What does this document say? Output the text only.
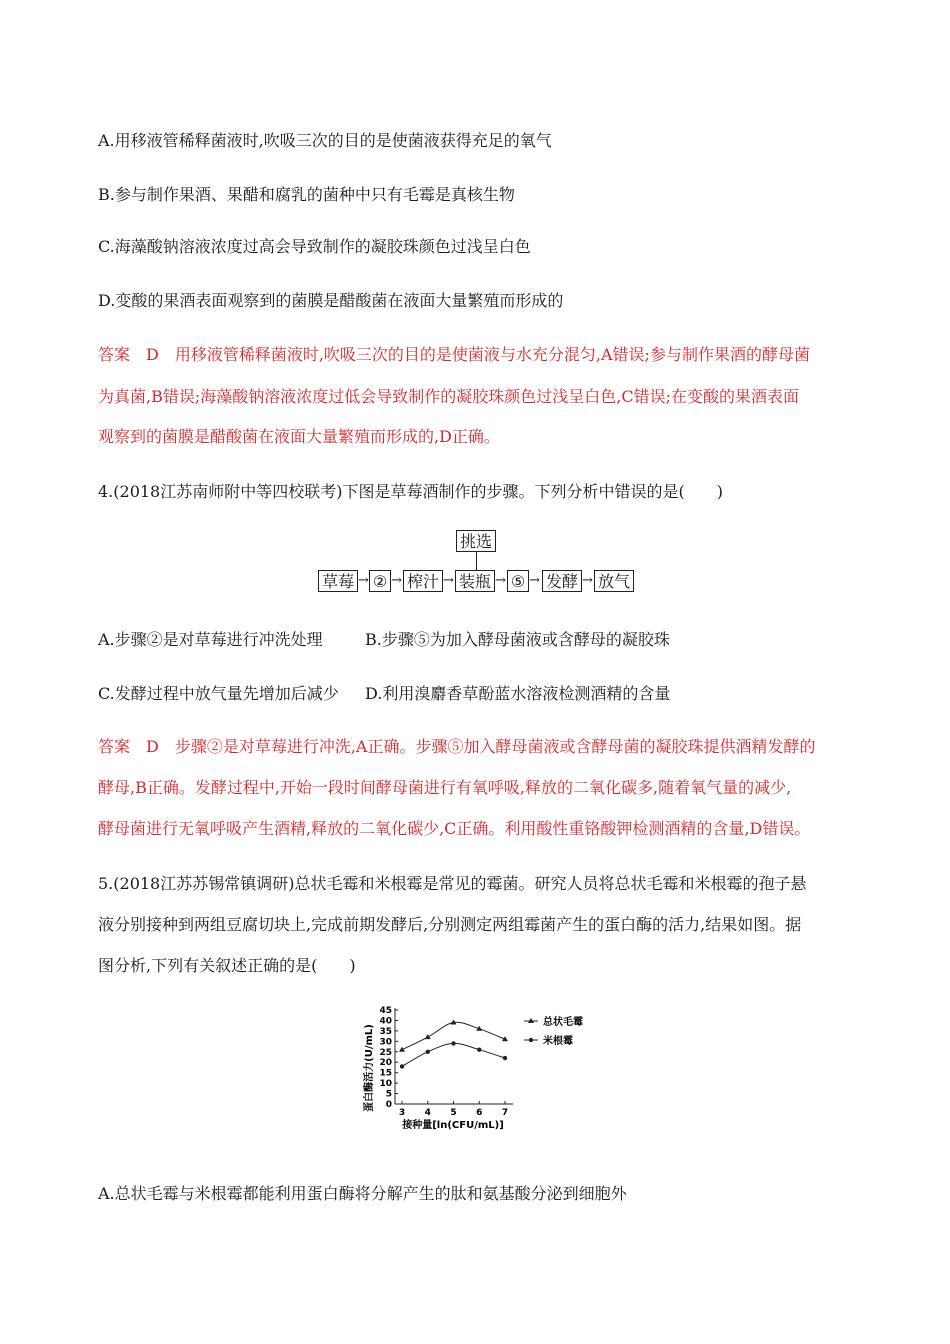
A.用移液管稀释菌液时,吹吸三次的目的是使菌液获得充足的氧气
B.参与制作果酒、果醋和腐乳的菌种中只有毛霉是真核生物
C.海藻酸钠溶液浓度过高会导致制作的凝胶珠颜色过浅呈白色
D.变酸的果酒表面观察到的菌膜是醋酸菌在液面大量繁殖而形成的
答案　D　用移液管稀释菌液时,吹吸三次的目的是使菌液与水充分混匀,A错误;参与制作果酒的酵母菌
为真菌,B错误;海藻酸钠溶液浓度过低会导致制作的凝胶珠颜色过浅呈白色,C错误;在变酸的果酒表面
观察到的菌膜是醋酸菌在液面大量繁殖而形成的,D正确。
4.(2018江苏南师附中等四校联考)下图是草莓酒制作的步骤。下列分析中错误的是(　　)
挑选
草莓 → ② → 榨汁 → 装瓶 → ⑤ → 发酵 → 放气
A.步骤②是对草莓进行冲洗处理	B.步骤⑤为加入酵母菌液或含酵母的凝胶珠
C.发酵过程中放气量先增加后减少 D.利用溴麝香草酚蓝水溶液检测酒精的含量
答案　D　步骤②是对草莓进行冲洗,A正确。步骤⑤加入酵母菌液或含酵母菌的凝胶珠提供酒精发酵的
酵母,B正确。发酵过程中,开始一段时间酵母菌进行有氧呼吸,释放的二氧化碳多,随着氧气量的减少,
酵母菌进行无氧呼吸产生酒精,释放的二氧化碳少,C正确。利用酸性重铬酸钾检测酒精的含量,D错误。
5.(2018江苏苏锡常镇调研)总状毛霉和米根霉是常见的霉菌。研究人员将总状毛霉和米根霉的孢子悬
液分别接种到两组豆腐切块上,完成前期发酵后,分别测定两组霉菌产生的蛋白酶的活力,结果如图。据
图分析,下列有关叙述正确的是(　　)
0
5
10
15
20
25
30
35
40
45
3 4 5 6 7
总状毛霉
米根霉
蛋白酶活力(U/mL)
接种量[ln(CFU/mL)]
A.总状毛霉与米根霉都能利用蛋白酶将分解产生的肽和氨基酸分泌到细胞外
